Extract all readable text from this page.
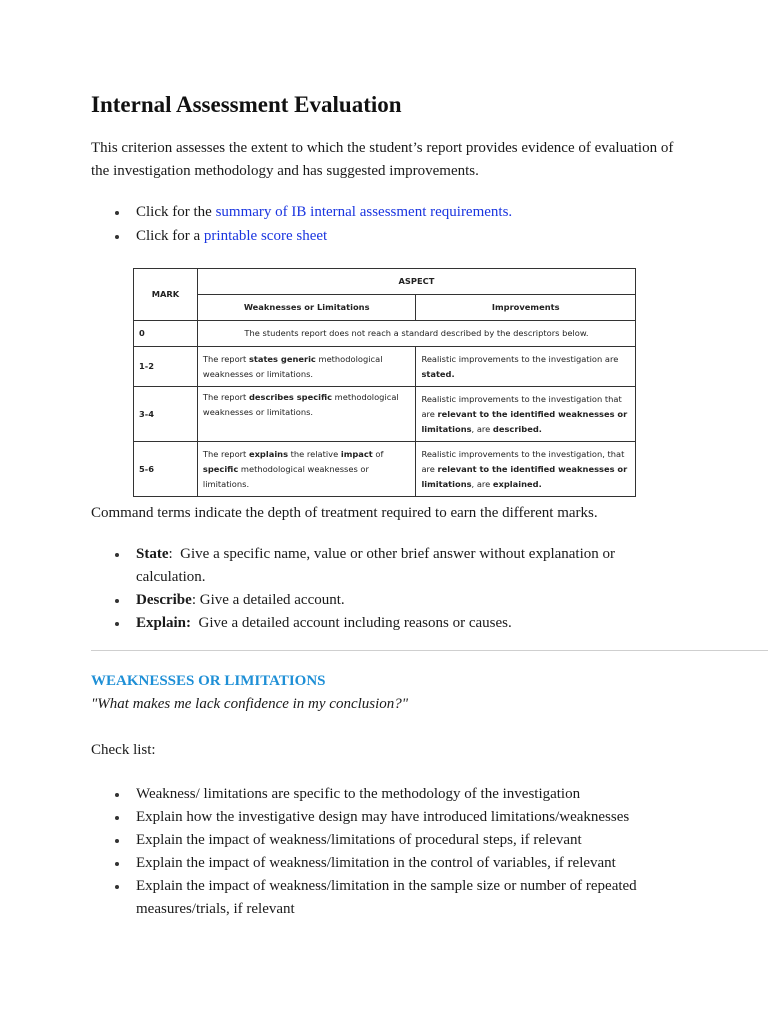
Internal Assessment Evaluation

This criterion assesses the extent to which the student’s report provides evidence of evaluation of the investigation methodology and has suggested improvements.

Click for the summary of IB internal assessment requirements.
Click for a printable score sheet
MARK	ASPECT	
	Weaknesses or Limitations	Improvements
0	The students report does not reach a standard described by the descriptors below.	
1-2	The report states generic methodological weaknesses or limitations.	Realistic improvements to the investigation are stated.
3-4	The report describes specific methodological weaknesses or limitations.	Realistic improvements to the investigation that are relevant to the identified weaknesses or limitations, are described.
5-6	The report explains the relative impact of specific methodological weaknesses or limitations.	Realistic improvements to the investigation, that are relevant to the identified weaknesses or limitations, are explained.

Command terms indicate the depth of treatment required to earn the different marks.

State:  Give a specific name, value or other brief answer without explanation or calculation.
Describe: Give a detailed account.
Explain: Give a detailed account including reasons or causes.
WEAKNESSES OR LIMITATIONS

"What makes me lack confidence in my conclusion?"

Check list:

Weakness/ limitations are specific to the methodology of the investigation
Explain how the investigative design may have introduced limitations/weaknesses
Explain the impact of weakness/limitations of procedural steps, if relevant
Explain the impact of weakness/limitation in the control of variables, if relevant
Explain the impact of weakness/limitation in the sample size or number of repeated measures/trials, if relevant
